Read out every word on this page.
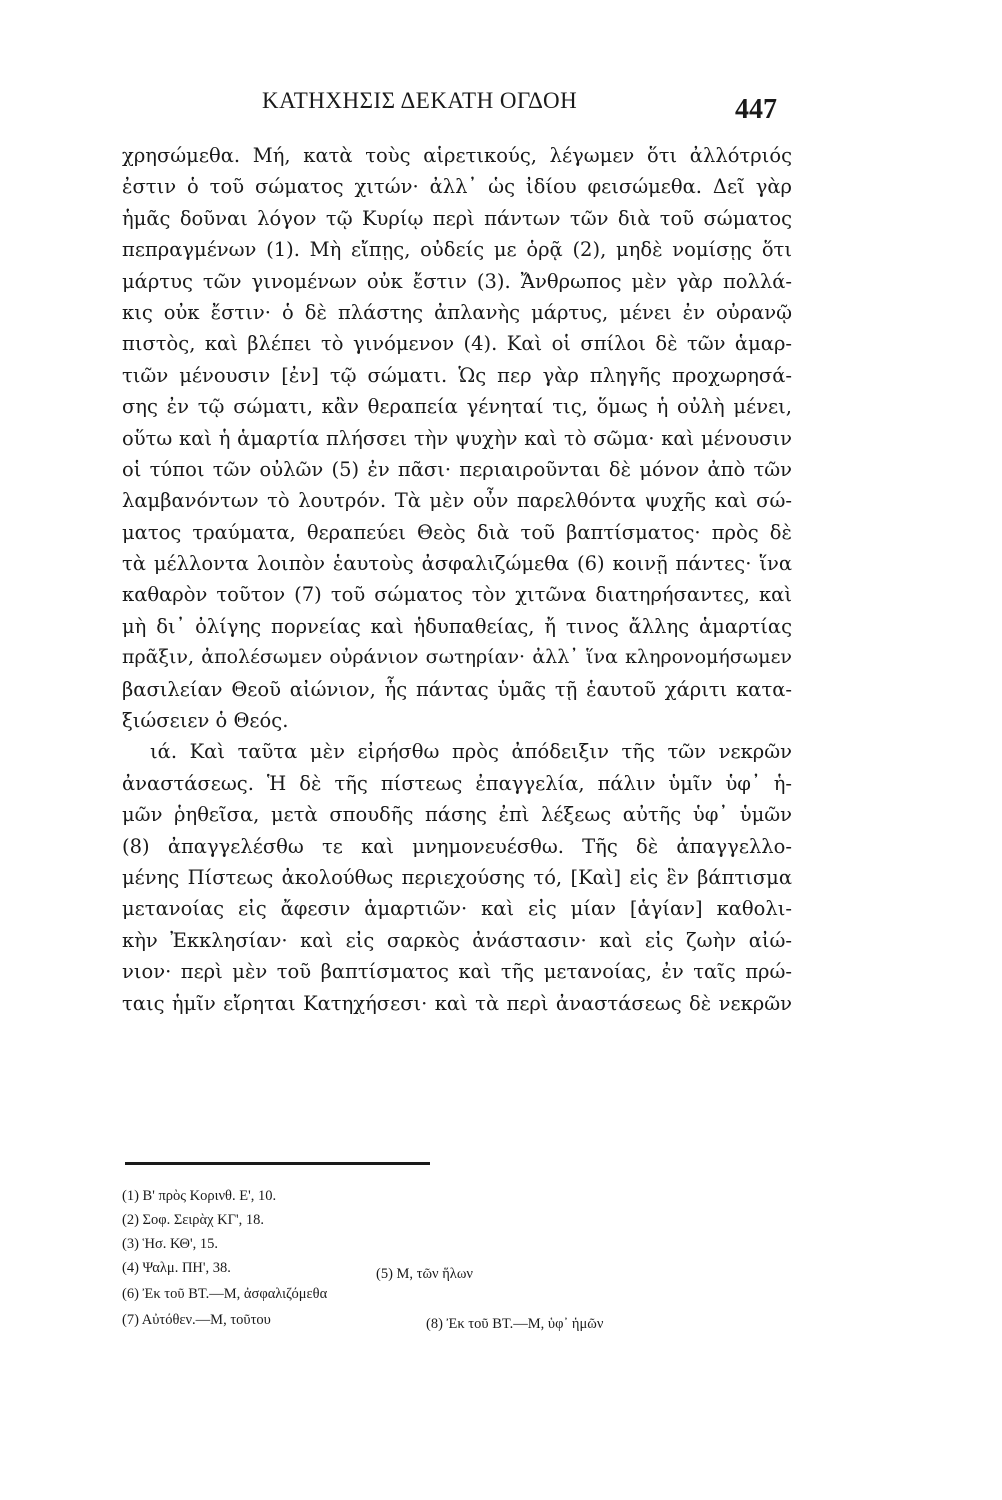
ΚΑΤΗΧΗΣΙΣ ΔΕΚΑΤΗ ΟΓΔΟΗ	447
χρησώμεθα. Μή, κατὰ τοὺς αἱρετικούς, λέγωμεν ὅτι ἀλλότριός
ἐστιν ὁ τοῦ σώματος χιτών· ἀλλ᾽ ὡς ἰδίου φεισώμεθα. Δεῖ γὰρ
ἡμᾶς δοῦναι λόγον τῷ Κυρίῳ περὶ πάντων τῶν διὰ τοῦ σώματος
πεπραγμένων (1). Μὴ εἴπῃς, οὐδείς με ὁρᾷ (2), μηδὲ νομίσῃς ὅτι
μάρτυς τῶν γινομένων οὐκ ἔστιν (3). Ἄνθρωπος μὲν γὰρ πολλά-
κις οὐκ ἔστιν· ὁ δὲ πλάστης ἀπλανὴς μάρτυς, μένει ἐν οὐρανῷ
πιστὸς, καὶ βλέπει τὸ γινόμενον (4). Καὶ οἱ σπίλοι δὲ τῶν ἁμαρ-
τιῶν μένουσιν [ἐν] τῷ σώματι. Ὡς περ γὰρ πληγῆς προχωρησά-
σης ἐν τῷ σώματι, κἂν θεραπεία γένηταί τις, ὅμως ἡ οὐλὴ μένει,
οὕτω καὶ ἡ ἁμαρτία πλήσσει τὴν ψυχὴν καὶ τὸ σῶμα· καὶ μένουσιν
οἱ τύποι τῶν οὐλῶν (5) ἐν πᾶσι· περιαιροῦνται δὲ μόνον ἀπὸ τῶν
λαμβανόντων τὸ λουτρόν. Τὰ μὲν οὖν παρελθόντα ψυχῆς καὶ σώ-
ματος τραύματα, θεραπεύει Θεὸς διὰ τοῦ βαπτίσματος· πρὸς δὲ
τὰ μέλλοντα λοιπὸν ἑαυτοὺς ἀσφαλιζώμεθα (6) κοινῇ πάντες· ἵνα
καθαρὸν τοῦτον (7) τοῦ σώματος τὸν χιτῶνα διατηρήσαντες, καὶ
μὴ δι᾽ ὀλίγης πορνείας καὶ ἡδυπαθείας, ἤ τινος ἄλλης ἁμαρτίας
πρᾶξιν, ἀπολέσωμεν οὐράνιον σωτηρίαν· ἀλλ᾽ ἵνα κληρονομήσωμεν
βασιλείαν Θεοῦ αἰώνιον, ἧς πάντας ὑμᾶς τῇ ἑαυτοῦ χάριτι κατα-
ξιώσειεν ὁ Θεός.
ιά. Καὶ ταῦτα μὲν εἰρήσθω πρὸς ἀπόδειξιν τῆς τῶν νεκρῶν
ἀναστάσεως. Ἡ δὲ τῆς πίστεως ἐπαγγελία, πάλιν ὑμῖν ὑφ᾽ ἡ-
μῶν ῥηθεῖσα, μετὰ σπουδῆς πάσης ἐπὶ λέξεως αὐτῆς ὑφ᾽ ὑμῶν
(8) ἀπαγγελέσθω τε καὶ μνημονευέσθω. Τῆς δὲ ἀπαγγελλο-
μένης Πίστεως ἀκολούθως περιεχούσης τό, [Καὶ] εἰς ἓν βάπτισμα
μετανοίας εἰς ἄφεσιν ἁμαρτιῶν· καὶ εἰς μίαν [ἁγίαν] καθολι-
κὴν Ἐκκλησίαν· καὶ εἰς σαρκὸς ἀνάστασιν· καὶ εἰς ζωὴν αἰώ-
νιον· περὶ μὲν τοῦ βαπτίσματος καὶ τῆς μετανοίας, ἐν ταῖς πρώ-
ταις ἡμῖν εἴρηται Κατηχήσεσι· καὶ τὰ περὶ ἀναστάσεως δὲ νεκρῶν
(1) Β' πρὸς Κορινθ. Ε', 10.
(2) Σοφ. Σειρὰχ ΚΓ', 18.
(3) Ἡσ. ΚΘ', 15.
(4) Ψαλμ. ΠΗ', 38.	(5) Μ, τῶν ἥλων
(6) Ἐκ τοῦ ΒΤ.—Μ, ἀσφαλιζόμεθα
(7) Αὐτόθεν.—Μ, τοῦτου	(8) Ἐκ τοῦ ΒΤ.—Μ, ὑφ᾽ ἡμῶν
